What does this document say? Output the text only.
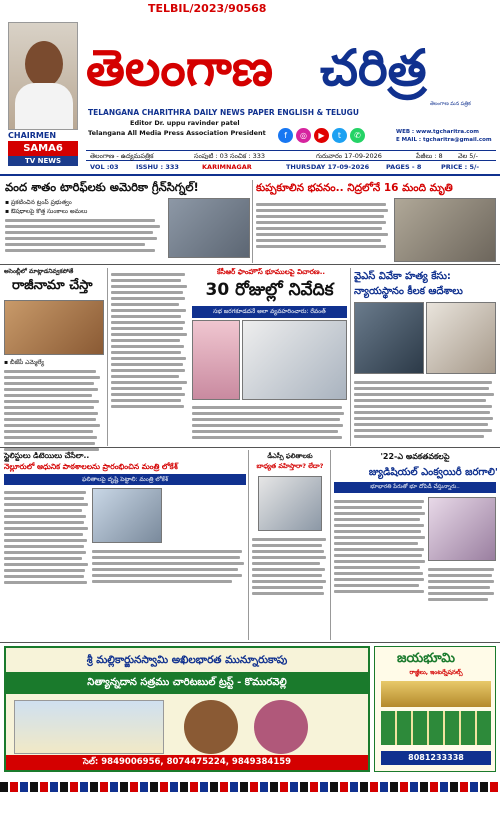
CHAIRMEN
SAMA6
TV NEWS
TELBIL/2023/90568
తెలంగాణ చరిత్ర
తెలంగాణ మన పత్రిక
TELANGANA CHARITHRA DAILY NEWS PAPER ENGLISH & TELUGU
Editor Dr. uppu ravinder patel
Telangana All Media Press Association President	f	◎	▶	t	✆	WEB : www.tgcharitra.com
E MAIL : tgcharitra@gmail.com
తెలంగాణ - ఉద్యమపత్రిక	సంపుటి : 03 సంచిక : 333	గురువారం 17-09-2026	పేజీలు : 8 వెల 5/-
VOL :03	ISSHU : 333	KARIMNAGAR	THURSDAY 17-09-2026	PAGES - 8	PRICE : 5/-
వంద శాతం టారిఫ్‌లకు అమెరికా గ్రీన్‌సిగ్నల్!
▪ ప్రకటించిన ట్రంప్ ప్రభుత్వం
▪ ఔషధాలపై కొత్త సుంకాలు అమలు
కుప్పకూలిన భవనం.. నిద్రలోనే 16 మంది మృతి
అసెంబ్లీలో మాట్లాడనివ్వకపోతే
రాజీనామా చేస్తా
▪ బీజేపీ ఎమ్మెల్యే
కేసీఆర్ ఫాంహౌస్ భూములపై విచారణ..
30 రోజుల్లో నివేదిక
సభ జరగకూడదనే అలా వ్యవహరించారు: రేవంత్
వైఎస్ వివేకా హత్య కేసు:
న్యాయస్థానం కీలక ఆదేశాలు
స్టైలిస్టులు డిటెయిలు చేసేలా..
నెల్లూరులో ఆధునిక పాఠశాలలను ప్రారంభించిన మంత్రి లోకేశ్
ఫలితాలపై దృష్టి పెట్టాలి: మంత్రి లోకేశ్
డీఎస్సీ ఫలితాలకు
బాధ్యత వహిస్తారా? లేదా?
'22-ఎ అవకతవకలపై
జ్యుడిషియల్ ఎంక్వయిరీ జరగాలి'
భూభారతి పేరుతో భూ దోపిడీ చేస్తున్నారు..
శ్రీ మల్లికార్జునస్వామి అఖిలభారత మున్నూరుకాపు
నిత్యాన్నదాన సత్రము చారిటబుల్ ట్రస్ట్ - కొమురవెల్లి
సెల్: 9849006956, 8074475224, 9849384159
జయభూమి
రాజ్ఞీలు, ఇంటర్నేషనల్స్
8081233338
